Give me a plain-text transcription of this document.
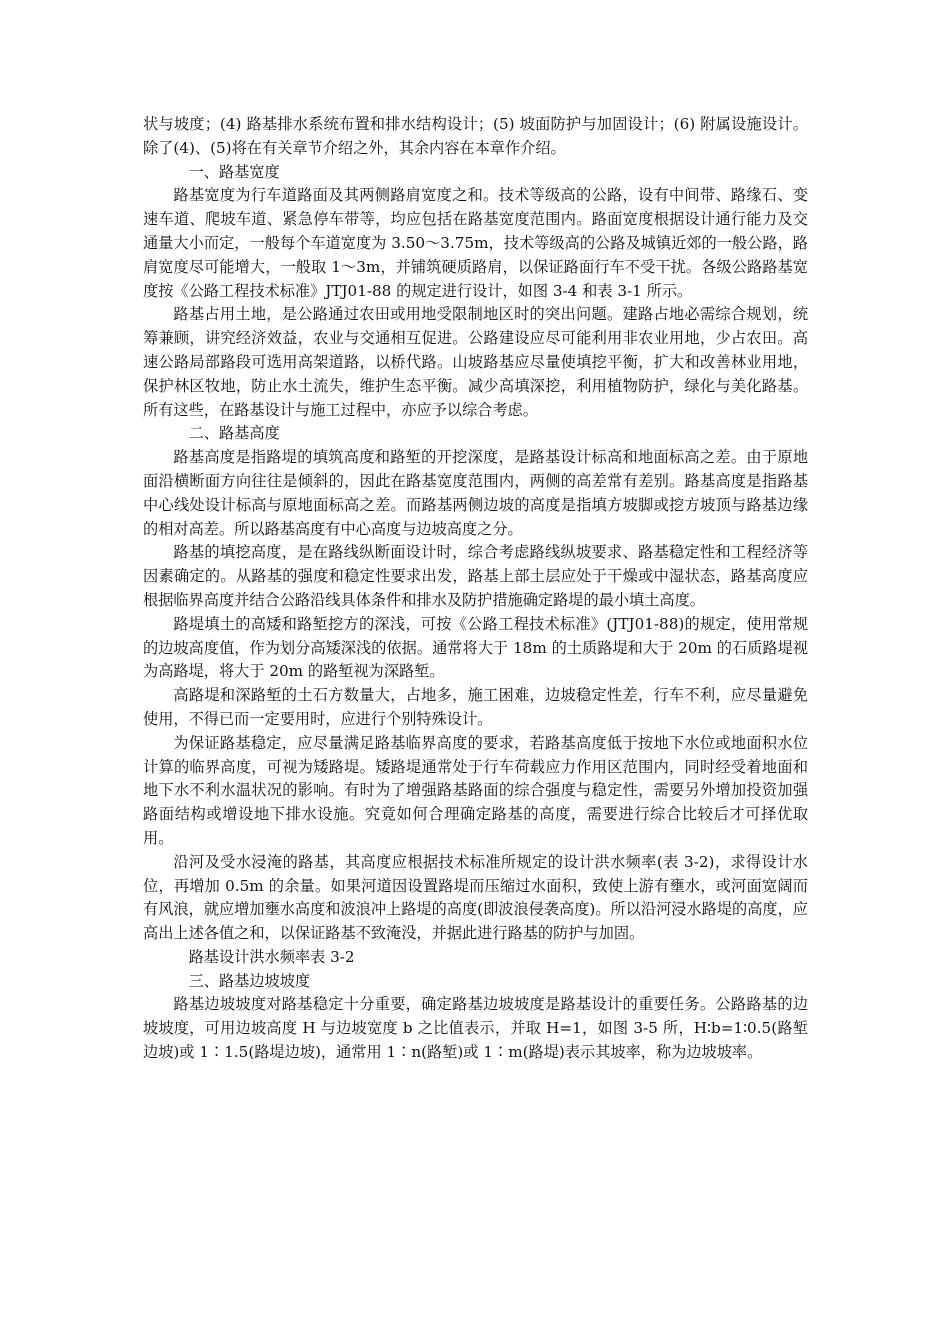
状与坡度；(4) 路基排水系统布置和排水结构设计；(5) 坡面防护与加固设计；(6) 附属设施设计。除了(4)、(5)将在有关章节介绍之外，其余内容在本章作介绍。

一、路基宽度

路基宽度为行车道路面及其两侧路肩宽度之和。技术等级高的公路，设有中间带、路缘石、变速车道、爬坡车道、紧急停车带等，均应包括在路基宽度范围内。路面宽度根据设计通行能力及交通量大小而定，一般每个车道宽度为 3.50～3.75m，技术等级高的公路及城镇近郊的一般公路，路肩宽度尽可能增大，一般取 1～3m，并铺筑硬质路肩，以保证路面行车不受干扰。各级公路路基宽度按《公路工程技术标准》JTJ01-88 的规定进行设计，如图 3-4 和表 3-1 所示。

路基占用土地，是公路通过农田或用地受限制地区时的突出问题。建路占地必需综合规划，统筹兼顾，讲究经济效益，农业与交通相互促进。公路建设应尽可能利用非农业用地，少占农田。高速公路局部路段可选用高架道路，以桥代路。山坡路基应尽量使填挖平衡，扩大和改善林业用地，保护林区牧地，防止水土流失，维护生态平衡。减少高填深挖，利用植物防护，绿化与美化路基。所有这些，在路基设计与施工过程中，亦应予以综合考虑。

二、路基高度

路基高度是指路堤的填筑高度和路堑的开挖深度，是路基设计标高和地面标高之差。由于原地面沿横断面方向往往是倾斜的，因此在路基宽度范围内，两侧的高差常有差别。路基高度是指路基中心线处设计标高与原地面标高之差。而路基两侧边坡的高度是指填方坡脚或挖方坡顶与路基边缘的相对高差。所以路基高度有中心高度与边坡高度之分。

路基的填挖高度，是在路线纵断面设计时，综合考虑路线纵坡要求、路基稳定性和工程经济等因素确定的。从路基的强度和稳定性要求出发，路基上部土层应处于干燥或中湿状态，路基高度应根据临界高度并结合公路沿线具体条件和排水及防护措施确定路堤的最小填土高度。

路堤填土的高矮和路堑挖方的深浅，可按《公路工程技术标准》(JTJ01-88)的规定，使用常规的边坡高度值，作为划分高矮深浅的依据。通常将大于 18m 的土质路堤和大于 20m 的石质路堤视为高路堤，将大于 20m 的路堑视为深路堑。

高路堤和深路堑的土石方数量大，占地多，施工困难，边坡稳定性差，行车不利，应尽量避免使用，不得已而一定要用时，应进行个别特殊设计。

为保证路基稳定，应尽量满足路基临界高度的要求，若路基高度低于按地下水位或地面积水位计算的临界高度，可视为矮路堤。矮路堤通常处于行车荷载应力作用区范围内，同时经受着地面和地下水不利水温状况的影响。有时为了增强路基路面的综合强度与稳定性，需要另外增加投资加强路面结构或增设地下排水设施。究竟如何合理确定路基的高度，需要进行综合比较后才可择优取用。

沿河及受水浸淹的路基，其高度应根据技术标准所规定的设计洪水频率(表 3-2)，求得设计水位，再增加 0.5m 的余量。如果河道因设置路堤而压缩过水面积，致使上游有壅水，或河面宽阔而有风浪，就应增加壅水高度和波浪冲上路堤的高度(即波浪侵袭高度)。所以沿河浸水路堤的高度，应高出上述各值之和，以保证路基不致淹没，并据此进行路基的防护与加固。

路基设计洪水频率表 3-2

三、路基边坡坡度

路基边坡坡度对路基稳定十分重要，确定路基边坡坡度是路基设计的重要任务。公路路基的边坡坡度，可用边坡高度 H 与边坡宽度 b 之比值表示，并取 H=1，如图 3-5 所，H∶b=1∶0.5(路堑边坡)或 1∶1.5(路堤边坡)，通常用 1∶n(路堑)或 1∶m(路堤)表示其坡率，称为边坡坡率。
